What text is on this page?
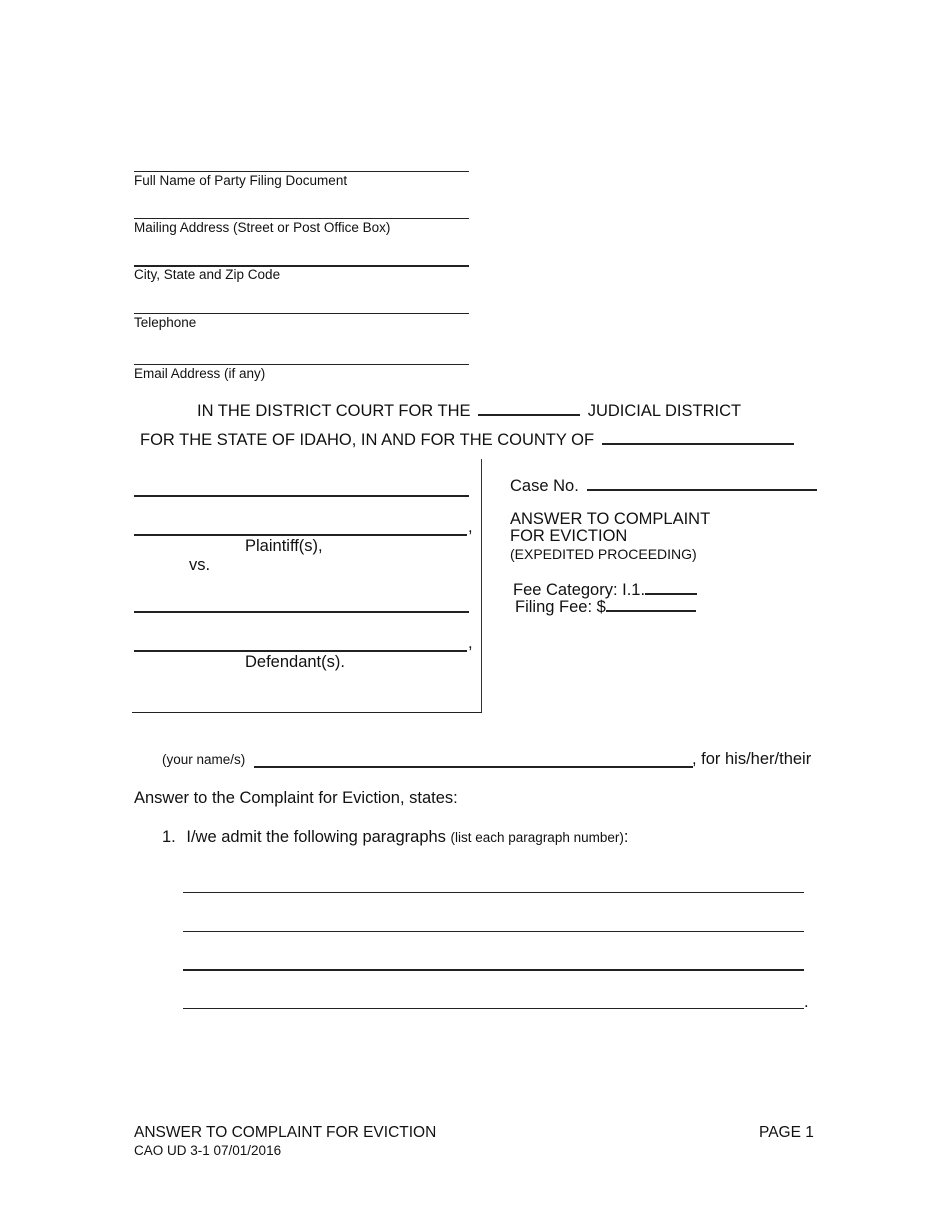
Full Name of Party Filing Document
Mailing Address (Street or Post Office Box)
City, State and Zip Code
Telephone
Email Address (if any)
IN THE DISTRICT COURT FOR THE	JUDICIAL DISTRICT
FOR THE STATE OF IDAHO, IN AND FOR THE COUNTY OF
,
Plaintiff(s),
vs.
,
Defendant(s).
Case No.
ANSWER TO COMPLAINT
FOR EVICTION
(EXPEDITED PROCEEDING)
Fee Category: I.1.
Filing Fee: $
(your name/s)	, for his/her/their
Answer to the Complaint for Eviction, states:
1. I/we admit the following paragraphs (list each paragraph number):
.
ANSWER TO COMPLAINT FOR EVICTION
CAO UD 3-1 07/01/2016
PAGE 1
